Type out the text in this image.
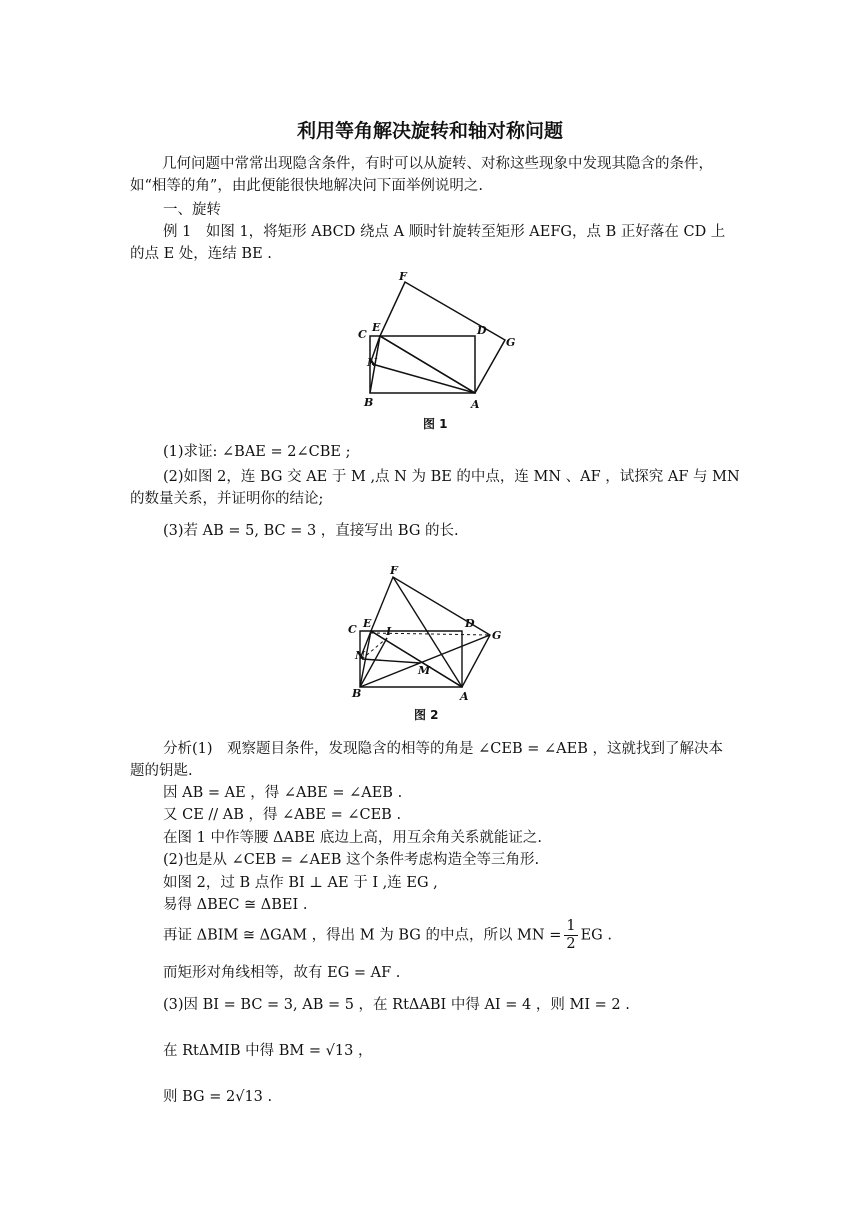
利用等角解决旋转和轴对称问题
几何问题中常常出现隐含条件，有时可以从旋转、对称这些现象中发现其隐含的条件，如“相等的角”，由此便能很快地解决问下面举例说明之.
一、旋转
例 1　如图 1，将矩形 ABCD 绕点 A 顺时针旋转至矩形 AEFG，点 B 正好落在 CD 上
的点 E 处，连结 BE .
F
C
E	D
G
N
B	A
图 1
(1)求证: ∠BAE = 2∠CBE ;
(2)如图 2，连 BG 交 AE 于 M ,点 N 为 BE 的中点，连 MN 、AF ，试探究 AF 与 MN
的数量关系，并证明你的结论;
(3)若 AB = 5, BC = 3 ，直接写出 BG 的长.
F
C E
I
D
G
N
M
B	A
图 2
分析(1)　观察题目条件，发现隐含的相等的角是 ∠CEB = ∠AEB ，这就找到了解决本
题的钥匙.
因 AB = AE ，得 ∠ABE = ∠AEB .
又 CE // AB ，得 ∠ABE = ∠CEB .
在图 1 中作等腰 ΔABE 底边上高，用互余角关系就能证之.
(2)也是从 ∠CEB = ∠AEB 这个条件考虑构造全等三角形.
如图 2，过 B 点作 BI ⊥ AE 于 I ,连 EG ,
易得 ΔBEC ≅ ΔBEI .
再证 ΔBIM ≅ ΔGAM ，得出 M 为 BG 的中点，所以 MN = $\frac{1}{2}$ EG .
而矩形对角线相等，故有 EG = AF .
(3)因 BI = BC = 3, AB = 5 ，在 RtΔABI 中得 AI = 4 ，则 MI = 2 .
在 RtΔMIB 中得 BM = √13 ，
则 BG = 2√13 .
